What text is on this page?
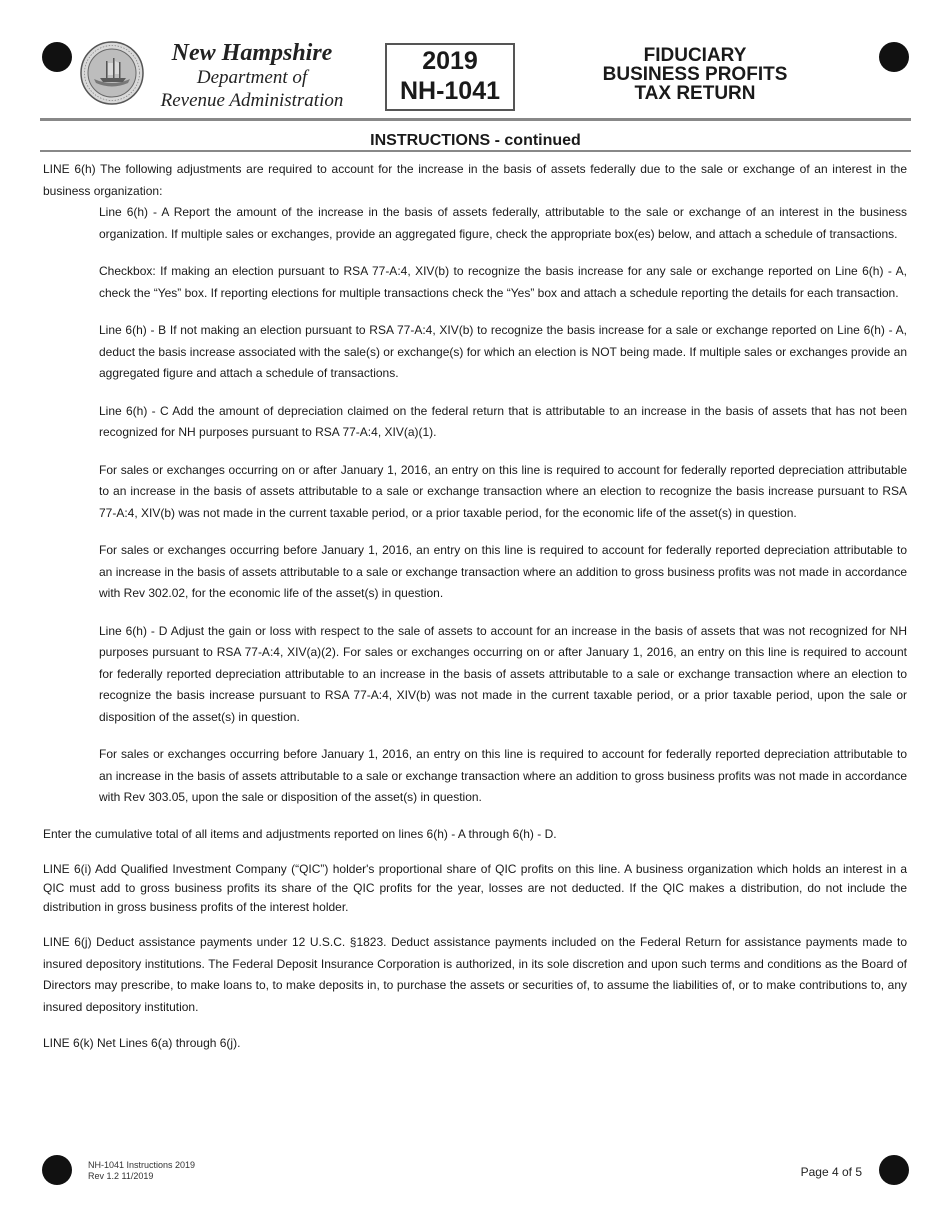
New Hampshire
Department of
Revenue Administration
2019
NH-1041
FIDUCIARY
BUSINESS PROFITS
TAX RETURN
INSTRUCTIONS - continued

LINE 6(h) The following adjustments are required to account for the increase in the basis of assets federally due to the sale or exchange of an interest in the business organization:

Line 6(h) - A Report the amount of the increase in the basis of assets federally, attributable to the sale or exchange of an interest in the business organization. If multiple sales or exchanges, provide an aggregated figure, check the appropriate box(es) below, and attach a schedule of transactions.

Checkbox: If making an election pursuant to RSA 77-A:4, XIV(b) to recognize the basis increase for any sale or exchange reported on Line 6(h) - A, check the “Yes” box. If reporting elections for multiple transactions check the “Yes” box and attach a schedule reporting the details for each transaction.

Line 6(h) - B If not making an election pursuant to RSA 77-A:4, XIV(b) to recognize the basis increase for a sale or exchange reported on Line 6(h) - A, deduct the basis increase associated with the sale(s) or exchange(s) for which an election is NOT being made. If multiple sales or exchanges provide an aggregated figure and attach a schedule of transactions.

Line 6(h) - C Add the amount of depreciation claimed on the federal return that is attributable to an increase in the basis of assets that has not been recognized for NH purposes pursuant to RSA 77-A:4, XIV(a)(1).

For sales or exchanges occurring on or after January 1, 2016, an entry on this line is required to account for federally reported depreciation attributable to an increase in the basis of assets attributable to a sale or exchange transaction where an election to recognize the basis increase pursuant to RSA 77-A:4, XIV(b) was not made in the current taxable period, or a prior taxable period, for the economic life of the asset(s) in question.

For sales or exchanges occurring before January 1, 2016, an entry on this line is required to account for federally reported depreciation attributable to an increase in the basis of assets attributable to a sale or exchange transaction where an addition to gross business profits was not made in accordance with Rev 302.02, for the economic life of the asset(s) in question.

Line 6(h) - D Adjust the gain or loss with respect to the sale of assets to account for an increase in the basis of assets that was not recognized for NH purposes pursuant to RSA 77-A:4, XIV(a)(2). For sales or exchanges occurring on or after January 1, 2016, an entry on this line is required to account for federally reported depreciation attributable to an increase in the basis of assets attributable to a sale or exchange transaction where an election to recognize the basis increase pursuant to RSA 77-A:4, XIV(b) was not made in the current taxable period, or a prior taxable period, upon the sale or disposition of the asset(s) in question.

For sales or exchanges occurring before January 1, 2016, an entry on this line is required to account for federally reported depreciation attributable to an increase in the basis of assets attributable to a sale or exchange transaction where an addition to gross business profits was not made in accordance with Rev 303.05, upon the sale or disposition of the asset(s) in question.

Enter the cumulative total of all items and adjustments reported on lines 6(h) - A through 6(h) - D.

LINE 6(i) Add Qualified Investment Company (“QIC”) holder's proportional share of QIC profits on this line. A business organization which holds an interest in a QIC must add to gross business profits its share of the QIC profits for the year, losses are not deducted. If the QIC makes a distribution, do not include the distribution in gross business profits of the interest holder.

LINE 6(j) Deduct assistance payments under 12 U.S.C. §1823. Deduct assistance payments included on the Federal Return for assistance payments made to insured depository institutions. The Federal Deposit Insurance Corporation is authorized, in its sole discretion and upon such terms and conditions as the Board of Directors may prescribe, to make loans to, to make deposits in, to purchase the assets or securities of, to assume the liabilities of, or to make contributions to, any insured depository institution.

LINE 6(k) Net Lines 6(a) through 6(j).

NH-1041 Instructions 2019
Rev 1.2 11/2019	Page 4 of 5
